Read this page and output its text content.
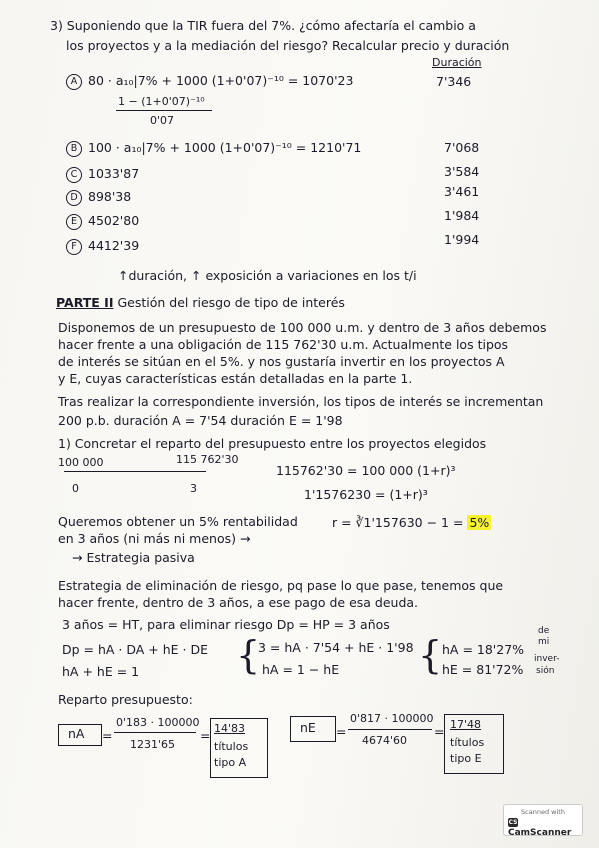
3) Suponiendo que la TIR fuera del 7%. ¿cómo afectaría el cambio a
los proyectos y a la mediación del riesgo? Recalcular precio y duración
Duración
A 80 · a₁₀|7% + 1000 (1+0'07)⁻¹⁰ = 1070'23	7'346
1 − (1+0'07)⁻¹⁰
0'07
B 100 · a₁₀|7% + 1000 (1+0'07)⁻¹⁰ = 1210'71	7'068
C 1033'87	3'584
D 898'38	3'461
E 4502'80	1'984
F 4412'39	1'994
↑duración, ↑ exposición a variaciones en los t/i
PARTE II Gestión del riesgo de tipo de interés
Disponemos de un presupuesto de 100 000 u.m. y dentro de 3 años debemos
hacer frente a una obligación de 115 762'30 u.m. Actualmente los tipos
de interés se sitúan en el 5%. y nos gustaría invertir en los proyectos A
y E, cuyas características están detalladas en la parte 1.
Tras realizar la correspondiente inversión, los tipos de interés se incrementan
200 p.b. duración A = 7'54 duración E = 1'98
1) Concretar el reparto del presupuesto entre los proyectos elegidos
100 000	115 762'30
0	3
115762'30 = 100 000 (1+r)³
1'1576230 = (1+r)³
Queremos obtener un 5% rentabilidad
en 3 años (ni más ni menos) →
→ Estrategia pasiva
r = ∛1'157630 − 1 = 5%
Estrategia de eliminación de riesgo, pq pase lo que pase, tenemos que
hacer frente, dentro de 3 años, a ese pago de esa deuda.
3 años = HT, para eliminar riesgo Dp = HP = 3 años
Dp = hA · DA + hE · DE
hA + hE = 1	{
3 = hA · 7'54 + hE · 1'98
hA = 1 − hE { hA = 18'27%
hE = 81'72%
de
mi
inver-
sión
Reparto presupuesto:
nA =
0'183 · 100000
1231'65
= 14'83
títulos
tipo A
nE =
0'817 · 100000
4674'60
= 17'48
títulos
tipo E
Scanned with
CSCamScanner
